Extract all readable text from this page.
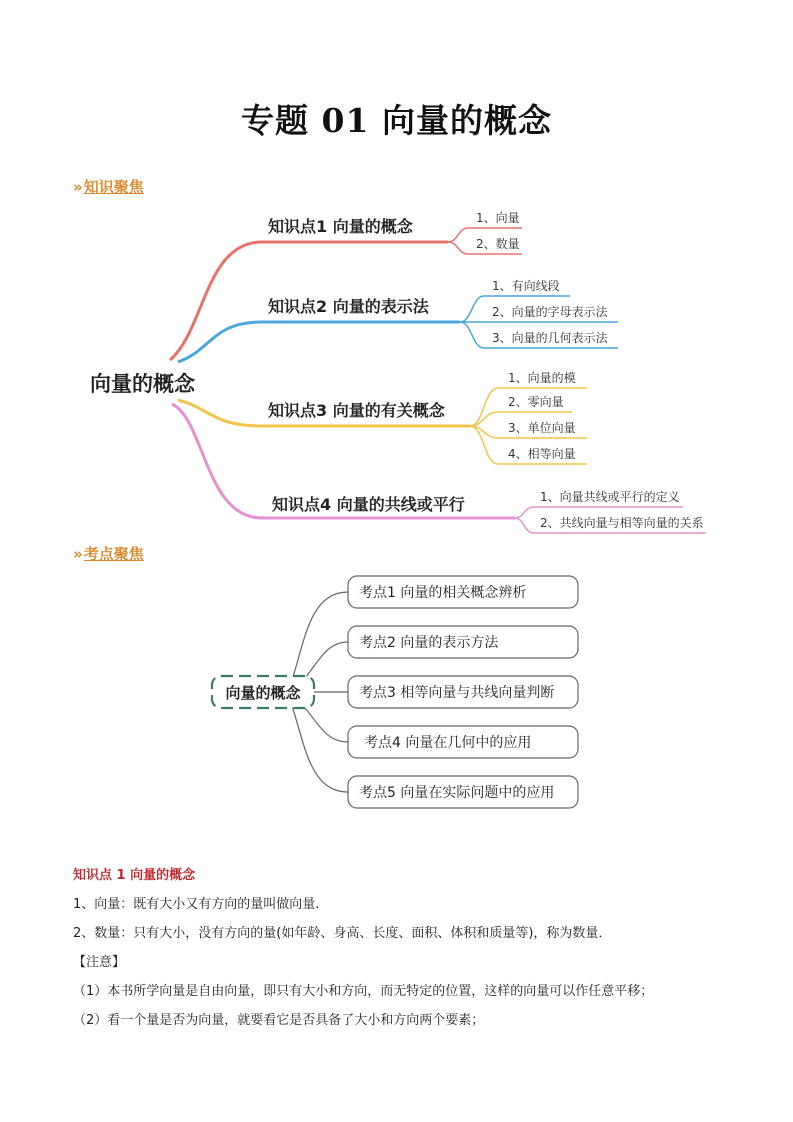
专题 01 向量的概念
»知识聚焦
向量的概念
知识点1 向量的概念
知识点2 向量的表示法
知识点3 向量的有关概念
知识点4 向量的共线或平行
1、向量
2、数量
1、有向线段
2、向量的字母表示法
3、向量的几何表示法
1、向量的模
2、零向量
3、单位向量
4、相等向量
1、向量共线或平行的定义
2、共线向量与相等向量的关系
»考点聚焦
向量的概念
考点1 向量的相关概念辨析
考点2 向量的表示方法
考点3 相等向量与共线向量判断
考点4 向量在几何中的应用
考点5 向量在实际问题中的应用
知识点 1 向量的概念
1、向量：既有大小又有方向的量叫做向量.
2、数量：只有大小，没有方向的量(如年龄、身高、长度、面积、体积和质量等)，称为数量．
【注意】
（1）本书所学向量是自由向量，即只有大小和方向，而无特定的位置，这样的向量可以作任意平移；
（2）看一个量是否为向量，就要看它是否具备了大小和方向两个要素；
